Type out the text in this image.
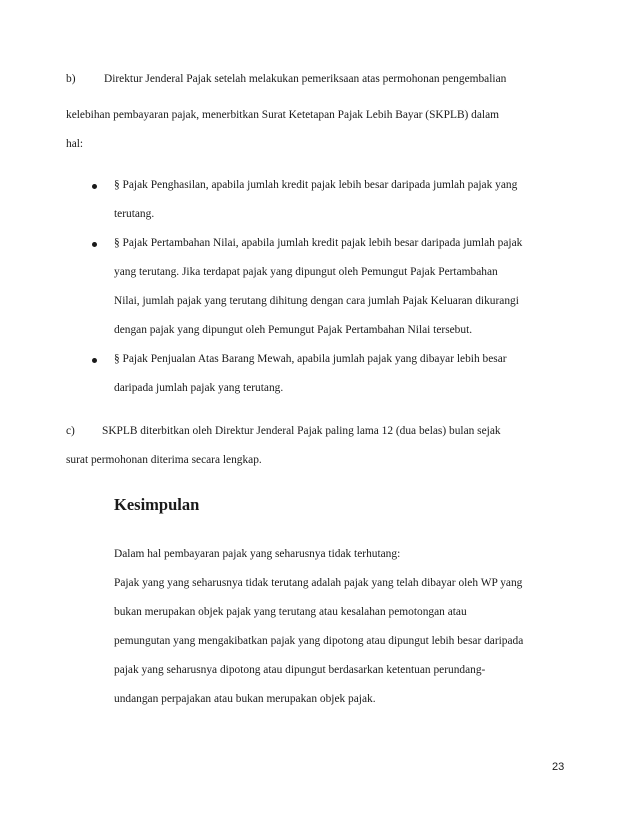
b)	Direktur Jenderal Pajak setelah melakukan pemeriksaan atas permohonan pengembalian
kelebihan pembayaran pajak, menerbitkan Surat Ketetapan Pajak Lebih Bayar (SKPLB) dalam
hal:
§ Pajak Penghasilan, apabila jumlah kredit pajak lebih besar daripada jumlah pajak yang
terutang.
§ Pajak Pertambahan Nilai, apabila jumlah kredit pajak lebih besar daripada jumlah pajak
yang terutang. Jika terdapat pajak yang dipungut oleh Pemungut Pajak Pertambahan
Nilai, jumlah pajak yang terutang dihitung dengan cara jumlah Pajak Keluaran dikurangi
dengan pajak yang dipungut oleh Pemungut Pajak Pertambahan Nilai tersebut.
§ Pajak Penjualan Atas Barang Mewah, apabila jumlah pajak yang dibayar lebih besar
daripada jumlah pajak yang terutang.
c) SKPLB diterbitkan oleh Direktur Jenderal Pajak paling lama 12 (dua belas) bulan sejak
surat permohonan diterima secara lengkap.
Kesimpulan
Dalam hal pembayaran pajak yang seharusnya tidak terhutang:
Pajak yang yang seharusnya tidak terutang adalah pajak yang telah dibayar oleh WP yang
bukan merupakan objek pajak yang terutang atau kesalahan pemotongan atau
pemungutan yang mengakibatkan pajak yang dipotong atau dipungut lebih besar daripada
pajak yang seharusnya dipotong atau dipungut berdasarkan ketentuan perundang-
undangan perpajakan atau bukan merupakan objek pajak.
23
